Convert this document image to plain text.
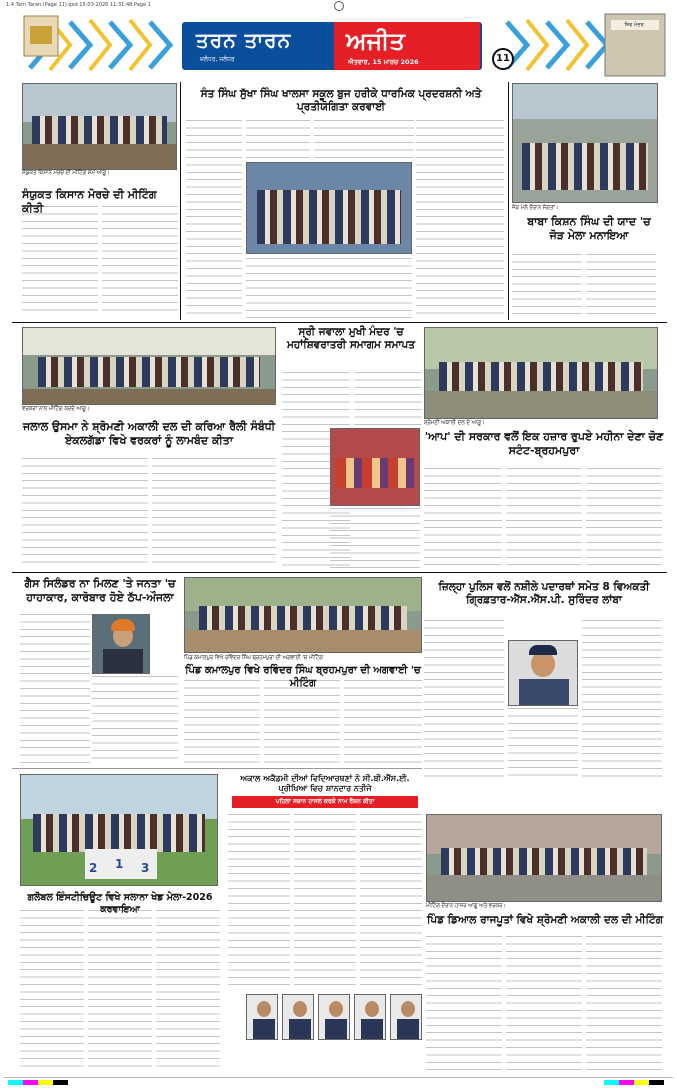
1:4 Tarn Taran (Page 11).qxd 15-03-2026 11:31:48 Page 1
ਸ਼ਿਵ ਮੰਦਰ
ਤਰਨ ਤਾਰਨ
ਜਲੰਧਰ, ਜਲੰਧਰ
ਅਜੀਤ
ਐਤਵਾਰ, 15 ਮਾਰਚ 2026	11
ਸੰਯੁਕਤ ਕਿਸਾਨ ਮੋਰਚੇ ਦੀ ਮੀਟਿੰਗ ਸਮੇਂ ਆਗੂ।
ਸੰਯੁਕਤ ਕਿਸਾਨ ਮੋਰਚੇ ਦੀ ਮੀਟਿੰਗ ਕੀਤੀ
ਸੰਤ ਸਿੰਘ ਸੁੱਖਾ ਸਿੰਘ ਖਾਲਸਾ ਸਕੂਲ ਬੁਜ ਹਰੀਕੇ ਧਾਰਮਿਕ ਪ੍ਰਦਰਸ਼ਨੀ ਅਤੇ ਪ੍ਰਤੀਯੋਗਿਤਾ ਕਰਵਾਈ
ਜੋੜ ਮੇਲੇ ਦੌਰਾਨ ਸੰਗਤਾਂ।
ਬਾਬਾ ਕਿਸ਼ਨ ਸਿੰਘ ਦੀ ਯਾਦ 'ਚ ਜੋੜ ਮੇਲਾ ਮਨਾਇਆ
ਵਰਕਰਾਂ ਨਾਲ ਮੀਟਿੰਗ ਕਰਦੇ ਆਗੂ।
ਜਲਾਲ ਉਸਮਾ ਨੇ ਸ਼੍ਰੋਮਣੀ ਅਕਾਲੀ ਦਲ ਦੀ ਕਰਿਆ ਰੈਲੀ ਸੰਬੰਧੀ ਏਕਲਗੱਡਾ ਵਿਖੇ ਵਰਕਰਾਂ ਨੂੰ ਲਾਮਬੰਦ ਕੀਤਾ
ਸ੍ਰੀ ਜਵਾਲਾ ਮੁਖੀ ਮੰਦਰ 'ਚ ਮਹਾਂਸ਼ਿਵਰਾਤਰੀ ਸਮਾਗਮ ਸਮਾਪਤ
ਸ਼੍ਰੋਮਣੀ ਅਕਾਲੀ ਦਲ ਦੇ ਆਗੂ।
'ਆਪ' ਦੀ ਸਰਕਾਰ ਵਲੋਂ ਇਕ ਹਜ਼ਾਰ ਰੁਪਏ ਮਹੀਨਾ ਦੇਣਾ ਚੋਣ ਸਟੰਟ-ਬ੍ਰਹਮਪੁਰਾ
ਗੈਸ ਸਿਲੰਡਰ ਨਾ ਮਿਲਣ 'ਤੇ ਜਨਤਾ 'ਚ ਹਾਹਾਕਾਰ, ਕਾਰੋਬਾਰ ਹੋਏ ਠੱਪ-ਔਜਲਾ
ਪਿੰਡ ਕਮਾਲਪੁਰ ਵਿਖੇ ਰਵਿੰਦਰ ਸਿੰਘ ਬ੍ਰਹਮਪੁਰਾ ਦੀ ਅਗਵਾਈ 'ਚ ਮੀਟਿੰਗ
ਪਿੰਡ ਕਮਾਲਪੁਰ ਵਿਖੇ ਰਵਿੰਦਰ ਸਿੰਘ ਬ੍ਰਹਮਪੁਰਾ ਦੀ ਅਗਵਾਈ 'ਚ ਮੀਟਿੰਗ
ਜ਼ਿਲ੍ਹਾ ਪੁਲਿਸ ਵਲੋਂ ਨਸ਼ੀਲੇ ਪਦਾਰਥਾਂ ਸਮੇਤ 8 ਵਿਅਕਤੀ ਗ੍ਰਿਫ਼ਤਾਰ-ਐੱਸ.ਐੱਸ.ਪੀ. ਸੁਰਿੰਦਰ ਲਾਂਬਾ
2 1 3
ਗਲੋਬਲ ਇੰਸਟੀਚਿਊਟ ਵਿਖੇ ਸਲਾਨਾ ਖੇਡ ਮੇਲਾ-2026 ਕਰਵਾਇਆ
ਅਕਾਲ ਅਕੈਡਮੀ ਦੀਆਂ ਵਿਦਿਆਰਥਣਾਂ ਨੇ ਸੀ.ਬੀ.ਐੱਸ.ਈ. ਪ੍ਰੀਖਿਆ ਵਿਚ ਸ਼ਾਨਦਾਰ ਨਤੀਜੇ
ਪਹਿਲਾ ਸਥਾਨ ਹਾਸਲ ਕਰਕੇ ਨਾਮ ਰੌਸ਼ਨ ਕੀਤਾ
ਮੀਟਿੰਗ ਦੌਰਾਨ ਹਾਜ਼ਰ ਆਗੂ ਅਤੇ ਵਰਕਰ।
ਪਿੰਡ ਡਿਆਲ ਰਾਜਪੂਤਾਂ ਵਿਖੇ ਸ਼੍ਰੋਮਣੀ ਅਕਾਲੀ ਦਲ ਦੀ ਮੀਟਿੰਗ
